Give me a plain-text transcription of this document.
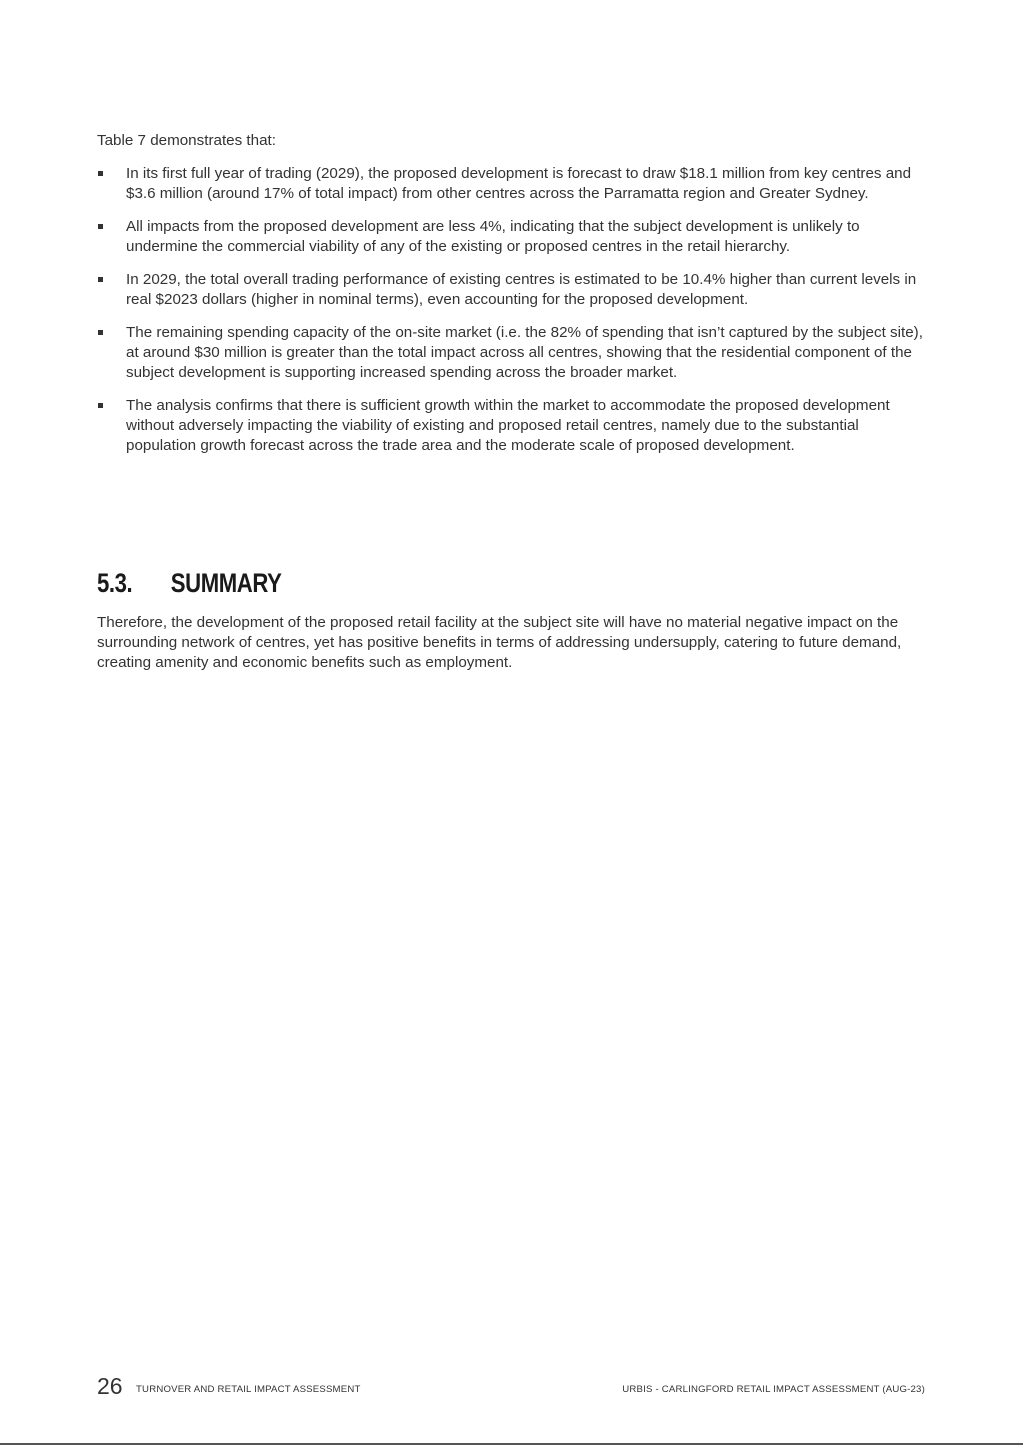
Table 7 demonstrates that:

In its first full year of trading (2029), the proposed development is forecast to draw $18.1 million from key centres and $3.6 million (around 17% of total impact) from other centres across the Parramatta region and Greater Sydney.
All impacts from the proposed development are less 4%, indicating that the subject development is unlikely to undermine the commercial viability of any of the existing or proposed centres in the retail hierarchy.
In 2029, the total overall trading performance of existing centres is estimated to be 10.4% higher than current levels in real $2023 dollars (higher in nominal terms), even accounting for the proposed development.
The remaining spending capacity of the on-site market (i.e. the 82% of spending that isn’t captured by the subject site), at around $30 million is greater than the total impact across all centres, showing that the residential component of the subject development is supporting increased spending across the broader market.
The analysis confirms that there is sufficient growth within the market to accommodate the proposed development without adversely impacting the viability of existing and proposed retail centres, namely due to the substantial population growth forecast across the trade area and the moderate scale of proposed development.
5.3. SUMMARY

Therefore, the development of the proposed retail facility at the subject site will have no material negative impact on the surrounding network of centres, yet has positive benefits in terms of addressing undersupply, catering to future demand, creating amenity and economic benefits such as employment.

26 TURNOVER AND RETAIL IMPACT ASSESSMENT	URBIS - CARLINGFORD RETAIL IMPACT ASSESSMENT (AUG-23)
